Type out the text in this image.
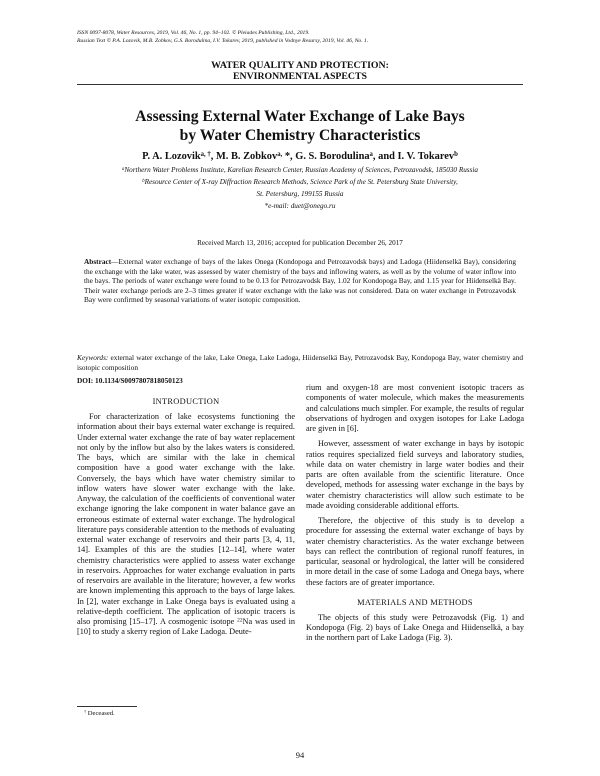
ISSN 0097-8078, Water Resources, 2019, Vol. 46, No. 1, pp. 94–102. © Pleiades Publishing, Ltd., 2019.
Russian Text © P.A. Lozovik, M.B. Zobkov, G.S. Borodulina, I.V. Tokarev, 2019, published in Vodnye Resursy, 2019, Vol. 46, No. 1.
WATER QUALITY AND PROTECTION:
ENVIRONMENTAL ASPECTS
Assessing External Water Exchange of Lake Bays
by Water Chemistry Characteristics
P. A. Lozovik$^{a, \dagger}$, M. B. Zobkov$^{a,}$ *, G. S. Borodulina$^a$, and I. V. Tokarev$^b$
$^a$Northern Water Problems Institute, Karelian Research Center, Russian Academy of Sciences, Petrozavodsk, 185030 Russia
$^b$Resource Center of X-ray Diffraction Research Methods, Science Park of the St. Petersburg State University,
St. Petersburg, 199155 Russia
*e-mail: duet@onego.ru
Received March 13, 2016; accepted for publication December 26, 2017
Abstract—External water exchange of bays of the lakes Onega (Kondopoga and Petrozavodsk bays) and Ladoga (Hiidenselkä Bay), considering the exchange with the lake water, was assessed by water chemistry of the bays and inflowing waters, as well as by the volume of water inflow into the bays. The periods of water exchange were found to be 0.13 for Petrozavodsk Bay, 1.02 for Kondopoga Bay, and 1.15 year for Hiidenselkä Bay. Their water exchange periods are 2–3 times greater if water exchange with the lake was not considered. Data on water exchange in Petrozavodsk Bay were confirmed by seasonal variations of water isotopic composition.
Keywords: external water exchange of the lake, Lake Onega, Lake Ladoga, Hiidenselkä Bay, Petrozavodsk Bay, Kondopoga Bay, water chemistry and isotopic composition
DOI: 10.1134/S0097807818050123
INTRODUCTION

For characterization of lake ecosystems functioning the information about their bays external water exchange is required. Under external water exchange the rate of bay water replacement not only by the inflow but also by the lakes waters is considered. The bays, which are similar with the lake in chemical composition have a good water exchange with the lake. Conversely, the bays which have water chemistry similar to inflow waters have slower water exchange with the lake. Anyway, the calculation of the coefficients of conventional water exchange ignoring the lake component in water balance gave an erroneous estimate of external water exchange. The hydrological literature pays considerable attention to the methods of evaluating external water exchange of reservoirs and their parts [3, 4, 11, 14]. Examples of this are the studies [12–14], where water chemistry characteristics were applied to assess water exchange in reservoirs. Approaches for water exchange evaluation in parts of reservoirs are available in the literature; however, a few works are known implementing this approach to the bays of large lakes. In [2], water exchange in Lake Onega bays is evaluated using a relative-depth coefficient. The application of isotopic tracers is also promising [15–17]. A cosmogenic isotope $^{22}$Na was used in [10] to study a skerry region of Lake Ladoga. Deute-

rium and oxygen-18 are most convenient isotopic tracers as components of water molecule, which makes the measurements and calculations much simpler. For example, the results of regular observations of hydrogen and oxygen isotopes for Lake Ladoga are given in [6].

However, assessment of water exchange in bays by isotopic ratios requires specialized field surveys and laboratory studies, while data on water chemistry in large water bodies and their parts are often available from the scientific literature. Once developed, methods for assessing water exchange in the bays by water chemistry characteristics will allow such estimate to be made avoiding considerable additional efforts.

Therefore, the objective of this study is to develop a procedure for assessing the external water exchange of bays by water chemistry characteristics. As the water exchange between bays can reflect the contribution of regional runoff features, in particular, seasonal or hydrological, the latter will be considered in more detail in the case of some Ladoga and Onega bays, where these factors are of greater importance.

MATERIALS AND METHODS

The objects of this study were Petrozavodsk (Fig. 1) and Kondopoga (Fig. 2) bays of Lake Onega and Hiidenselkä, a bay in the northern part of Lake Ladoga (Fig. 3).

† Deceased.
94
